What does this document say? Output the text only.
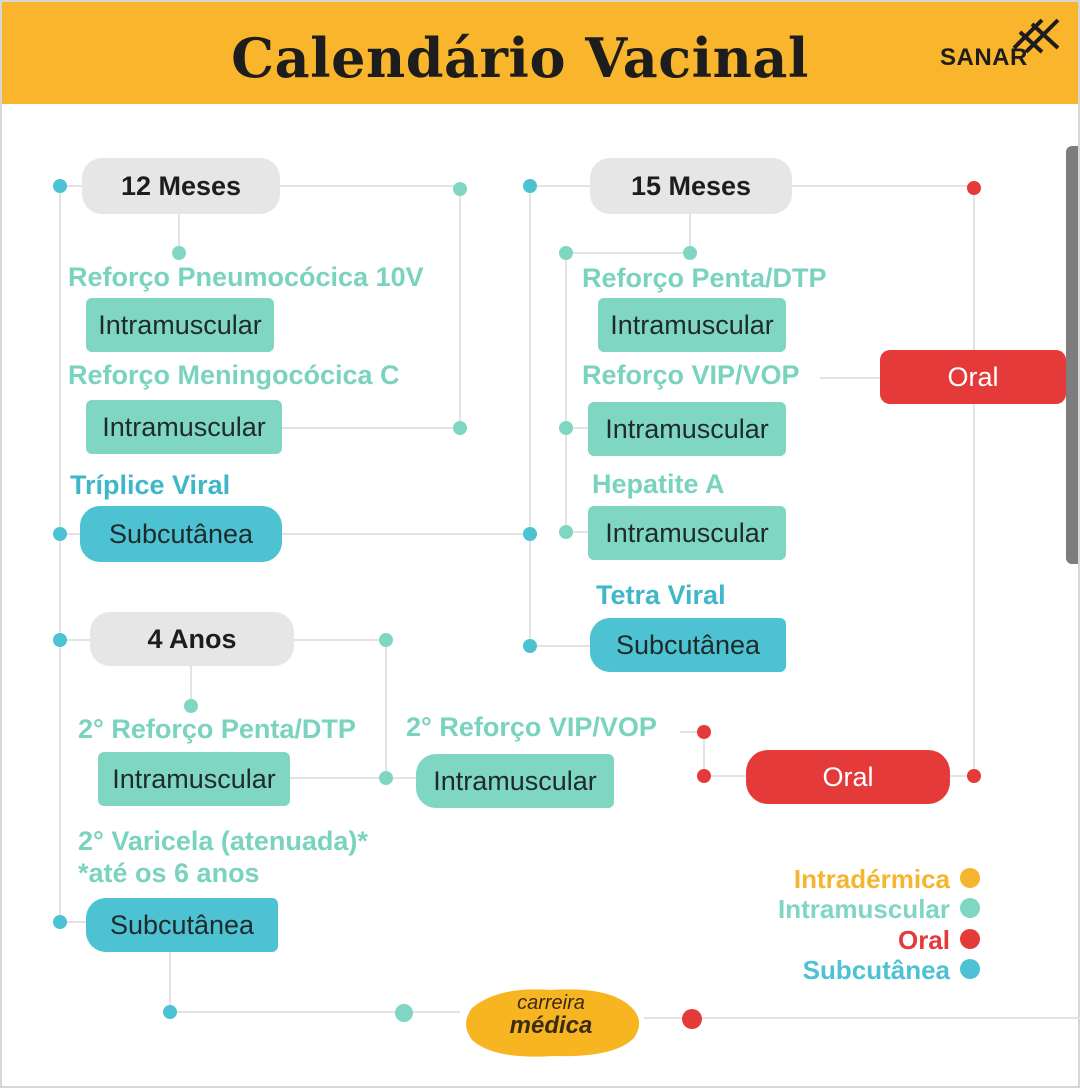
Calendário Vacinal	SANAR
12 Meses
Reforço Pneumocócica 10V
Intramuscular
Reforço Meningocócica C
Intramuscular
Tríplice Viral
Subcutânea
15 Meses
Reforço Penta/DTP
Intramuscular
Reforço VIP/VOP	Oral
Intramuscular
Hepatite A
Intramuscular
Tetra Viral
Subcutânea
4 Anos
2° Reforço Penta/DTP
Intramuscular
2° Reforço VIP/VOP
Intramuscular	Oral
2° Varicela (atenuada)*
*até os 6 anos
Subcutânea
Intradérmica
Intramuscular
Oral
Subcutânea
carreira
médica
